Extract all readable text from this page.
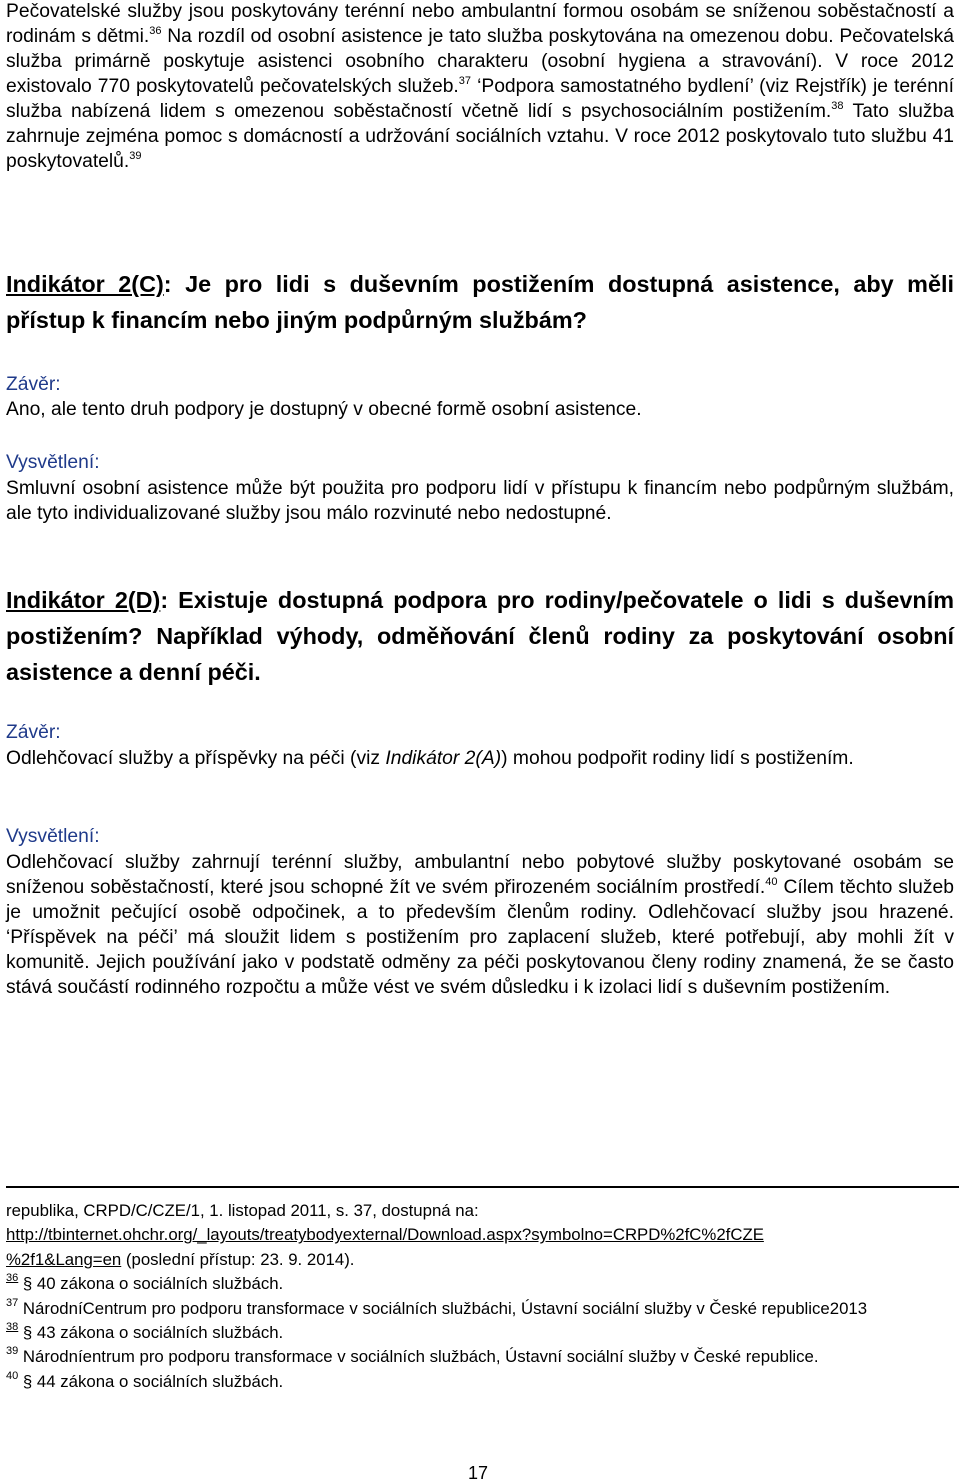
Pečovatelské služby jsou poskytovány terénní nebo ambulantní formou osobám se sníženou soběstačností a rodinám s dětmi.$^{36}$ Na rozdíl od osobní asistence je tato služba poskytována na omezenou dobu. Pečovatelská služba primárně poskytuje asistenci osobního charakteru (osobní hygiena a stravování). V roce 2012 existovalo 770 poskytovatelů pečovatelských služeb.$^{37}$ ‘Podpora samostatného bydlení’ (viz Rejstřík) je terénní služba nabízená lidem s omezenou soběstačností včetně lidí s psychosociálním postižením.$^{38}$ Tato služba zahrnuje zejména pomoc s domácností a udržování sociálních vztahu. V roce 2012 poskytovalo tuto službu 41 poskytovatelů.$^{39}$

Indikátor 2(C): Je pro lidi s duševním postižením dostupná asistence, aby měli přístup k financím nebo jiným podpůrným službám?

Závěr:

Ano, ale tento druh podpory je dostupný v obecné formě osobní asistence.

Vysvětlení:

Smluvní osobní asistence může být použita pro podporu lidí v přístupu k financím nebo podpůrným službám, ale tyto individualizované služby jsou málo rozvinuté nebo nedostupné.

Indikátor 2(D): Existuje dostupná podpora pro rodiny/pečovatele o lidi s duševním postižením? Například výhody, odměňování členů rodiny za poskytování osobní asistence a denní péči.

Závěr:

Odlehčovací služby a příspěvky na péči (viz Indikátor 2(A)) mohou podpořit rodiny lidí s postižením.

Vysvětlení:

Odlehčovací služby zahrnují terénní služby, ambulantní nebo pobytové služby poskytované osobám se sníženou soběstačností, které jsou schopné žít ve svém přirozeném sociálním prostředí.$^{40}$ Cílem těchto služeb je umožnit pečující osobě odpočinek, a to především členům rodiny. Odlehčovací služby jsou hrazené. ‘Příspěvek na péči’ má sloužit lidem s postižením pro zaplacení služeb, které potřebují, aby mohli žít v komunitě. Jejich používání jako v podstatě odměny za péči poskytovanou členy rodiny znamená, že se často stává součástí rodinného rozpočtu a může vést ve svém důsledku i k izolaci lidí s duševním postižením.

republika, CRPD/C/CZE/1, 1. listopad 2011, s. 37, dostupná na:
http://tbinternet.ohchr.org/_layouts/treatybodyexternal/Download.aspx?symbolno=CRPD%2fC%2fCZE
%2f1&Lang=en (poslední přístup: 23. 9. 2014).
$^{36}$ § 40 zákona o sociálních službách.
$^{37}$ NárodníCentrum pro podporu transformace v sociálních službáchi, Ústavní sociální služby v České republice2013
$^{38}$ § 43 zákona o sociálních službách.
$^{39}$ Národníentrum pro podporu transformace v sociálních službách, Ústavní sociální služby v České republice.
$^{40}$ § 44 zákona o sociálních službách.
17
